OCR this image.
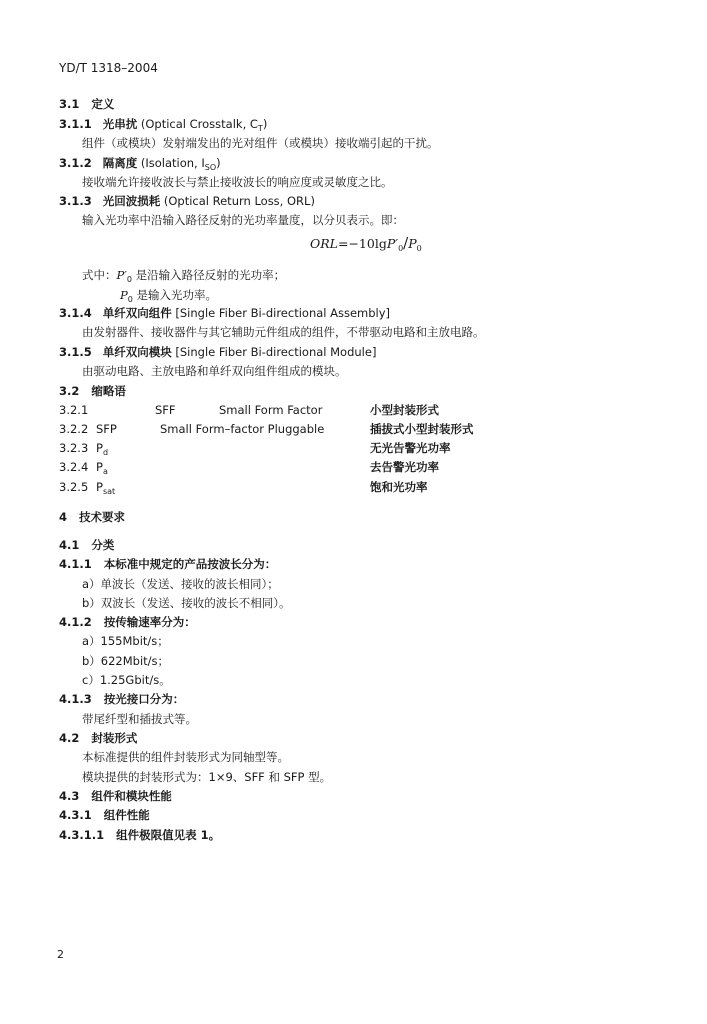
YD/T 1318–2004
3.1 定义
3.1.1 光串扰 (Optical Crosstalk, $C_T$)
组件（或模块）发射端发出的光对组件（或模块）接收端引起的干扰。
3.1.2 隔离度 (Isolation, $I_{SO}$)
接收端允许接收波长与禁止接收波长的响应度或灵敏度之比。
3.1.3 光回波损耗 (Optical Return Loss, ORL)
输入光功率中沿输入路径反射的光功率量度，以分贝表示。即：
$ORL=-10\lg P'_0/P_0$
式中：$P'_0$ 是沿输入路径反射的光功率；
$P_0$ 是输入光功率。
3.1.4 单纤双向组件 [Single Fiber Bi-directional Assembly]
由发射器件、接收器件与其它辅助元件组成的组件，不带驱动电路和主放电路。
3.1.5 单纤双向模块 [Single Fiber Bi-directional Module]
由驱动电路、主放电路和单纤双向组件组成的模块。
3.2 缩略语
3.2.1	SFF	Small Form Factor	小型封装形式
3.2.2 SFP	Small Form–factor Pluggable	插拔式小型封装形式
3.2.3 $P_d$	无光告警光功率
3.2.4 $P_a$	去告警光功率
3.2.5 $P_{sat}$	饱和光功率
4 技术要求
4.1 分类
4.1.1 本标准中规定的产品按波长分为：
a）单波长（发送、接收的波长相同）；
b）双波长（发送、接收的波长不相同）。
4.1.2 按传输速率分为：
a）155Mbit/s；
b）622Mbit/s；
c）1.25Gbit/s。
4.1.3 按光接口分为：
带尾纤型和插拔式等。
4.2 封装形式
本标准提供的组件封装形式为同轴型等。
模块提供的封装形式为：1×9、SFF 和 SFP 型。
4.3 组件和模块性能
4.3.1 组件性能
4.3.1.1 组件极限值见表 1。
2
